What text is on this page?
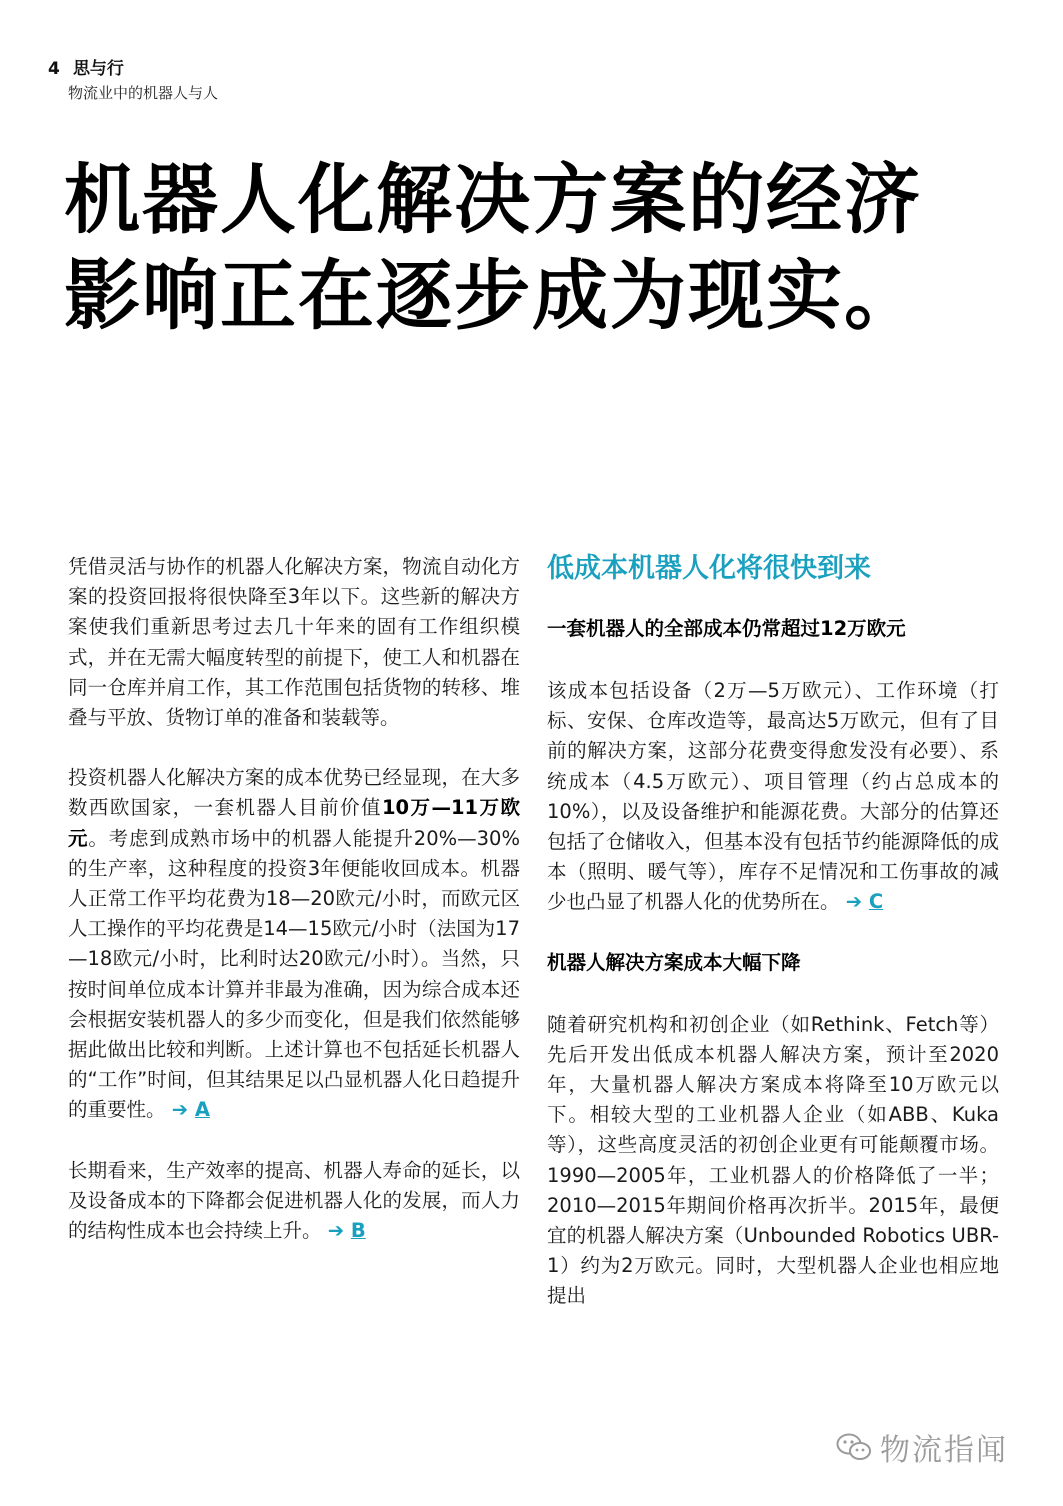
4 思与行
物流业中的机器人与人
机器人化解决方案的经济
影响正在逐步成为现实。

凭借灵活与协作的机器人化解决方案，物流自动化方案的投资回报将很快降至3年以下。这些新的解决方案使我们重新思考过去几十年来的固有工作组织模式，并在无需大幅度转型的前提下，使工人和机器在同一仓库并肩工作，其工作范围包括货物的转移、堆叠与平放、货物订单的准备和装载等。

投资机器人化解决方案的成本优势已经显现，在大多数西欧国家，一套机器人目前价值10万—11万欧元。考虑到成熟市场中的机器人能提升20%—30%的生产率，这种程度的投资3年便能收回成本。机器人正常工作平均花费为18—20欧元/小时，而欧元区人工操作的平均花费是14—15欧元/小时（法国为17—18欧元/小时，比利时达20欧元/小时）。当然，只按时间单位成本计算并非最为准确，因为综合成本还会根据安装机器人的多少而变化，但是我们依然能够据此做出比较和判断。上述计算也不包括延长机器人的“工作”时间，但其结果足以凸显机器人化日趋提升的重要性。 ➔ A

长期看来，生产效率的提高、机器人寿命的延长，以及设备成本的下降都会促进机器人化的发展，而人力的结构性成本也会持续上升。 ➔ B

低成本机器人化将很快到来
一套机器人的全部成本仍常超过12万欧元

该成本包括设备（2万—5万欧元）、工作环境（打标、安保、仓库改造等，最高达5万欧元，但有了目前的解决方案，这部分花费变得愈发没有必要）、系统成本（4.5万欧元）、项目管理（约占总成本的10%），以及设备维护和能源花费。大部分的估算还包括了仓储收入，但基本没有包括节约能源降低的成本（照明、暖气等），库存不足情况和工伤事故的减少也凸显了机器人化的优势所在。 ➔ C

机器人解决方案成本大幅下降

随着研究机构和初创企业（如Rethink、Fetch等）先后开发出低成本机器人解决方案，预计至2020年，大量机器人解决方案成本将降至10万欧元以下。相较大型的工业机器人企业（如ABB、Kuka等），这些高度灵活的初创企业更有可能颠覆市场。1990—2005年，工业机器人的价格降低了一半；2010—2015年期间价格再次折半。2015年，最便宜的机器人解决方案（Unbounded Robotics UBR-1）约为2万欧元。同时，大型机器人企业也相应地提出

物流指闻
